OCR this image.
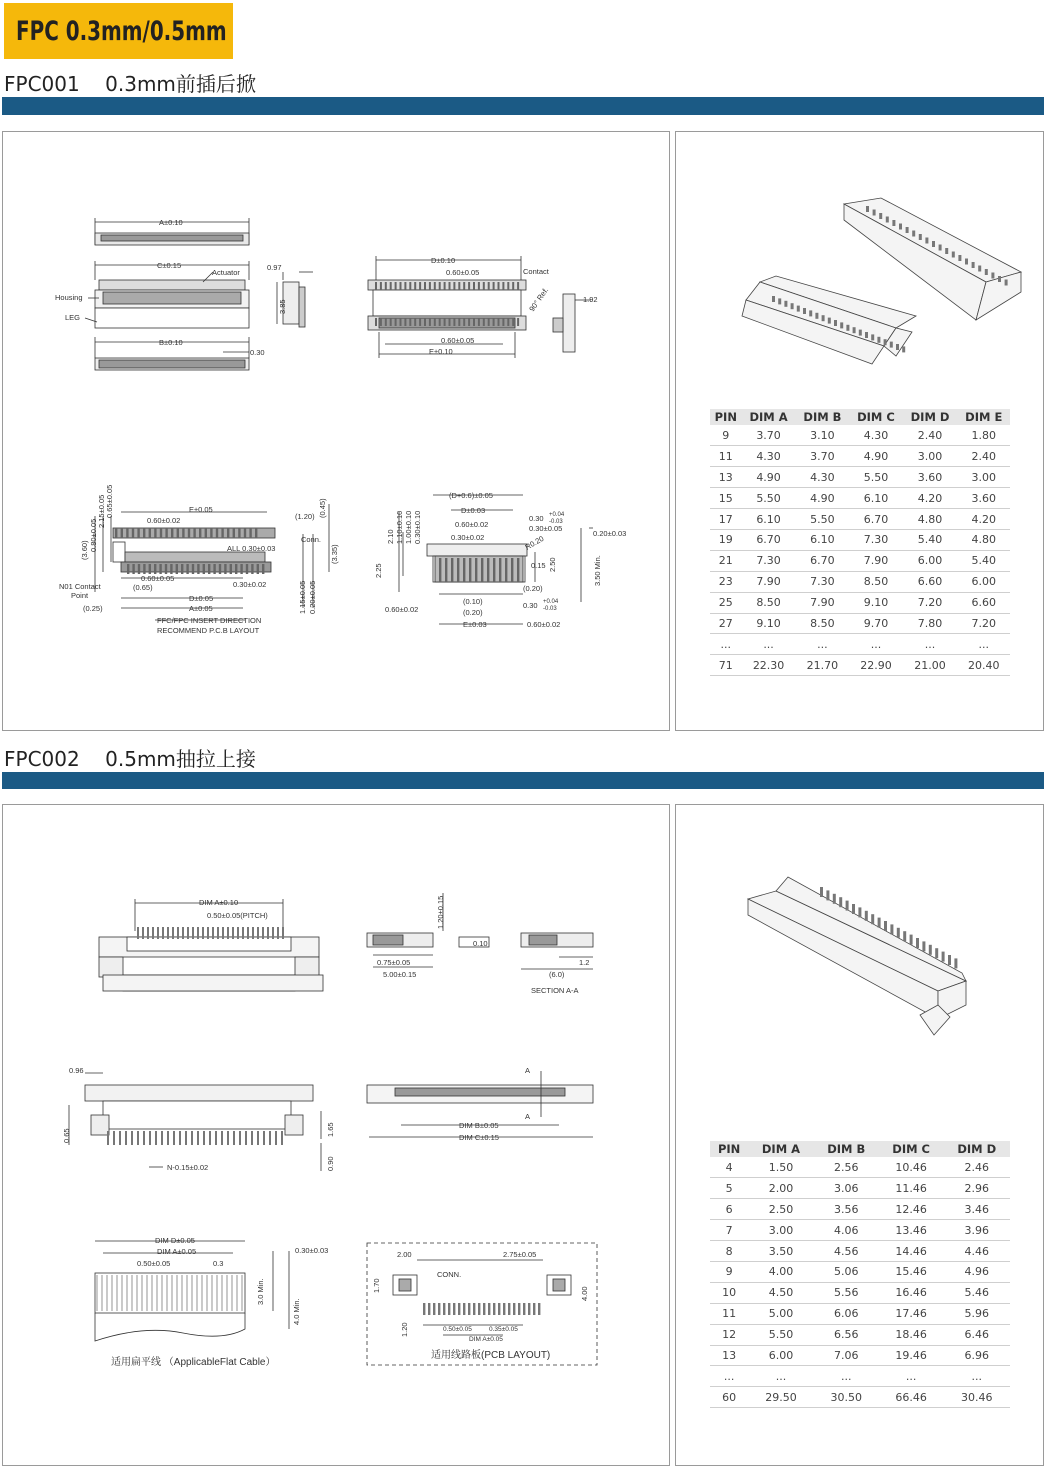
FPC 0.3mm/0.5mm
FPC001    0.3mm前插后掀
A±0.10
C±0.15
Actuator
Housing
LEG
B±0.10
0.30
0.97
3.85
D±0.10
0.60±0.05	Contact
1.92
90° Ref.
0.60±0.05
E±0.10
E±0.05
0.60±0.02	(1.20) (0.45)
Conn.
ALL 0.30±0.03	(3.35)
(3.60) 0.80±0.05
2.15±0.05 0.65±0.05
0.60±0.05
(0.65)
N01 Contact
Point	D±0.05
0.30±0.02
(0.25)	A±0.05
FFC/FPC INSERT DIRECTION
RECOMMEND P.C.B LAYOUT
1.15±0.05 0.20±0.05
(D+0.6)±0.05
D±0.03
0.60±0.02
0.30±0.02
2.10 1.10±0.10 1.00±0.10 0.30±0.10	0.30 +0.04
-0.03
0.30±0.05
R0.20
2.25	0.15 2.50
(0.20)
(0.10)
0.60±0.02	(0.20)
E±0.03
0.30 +0.04
-0.03
0.60±0.02
0.20±0.03
3.50 Min.
PIN	DIM A	DIM B	DIM C	DIM D	DIM E
9	3.70	3.10	4.30	2.40	1.80
11	4.30	3.70	4.90	3.00	2.40
13	4.90	4.30	5.50	3.60	3.00
15	5.50	4.90	6.10	4.20	3.60
17	6.10	5.50	6.70	4.80	4.20
19	6.70	6.10	7.30	5.40	4.80
21	7.30	6.70	7.90	6.00	5.40
23	7.90	7.30	8.50	6.60	6.00
25	8.50	7.90	9.10	7.20	6.60
27	9.10	8.50	9.70	7.80	7.20
...	...	...	...	...	...
71	22.30	21.70	22.90	21.00	20.40
FPC002    0.5mm抽拉上接
DIM A±0.10
0.50±0.05(PITCH)	1.20±0.15
0.10
0.75±0.05
5.00±0.15
1.2
(6.0)
SECTION A-A
0.96
0.65	1.65
0.90
N-0.15±0.02
A
A
DIM B±0.05
DIM C±0.15
DIM D±0.05
DIM A±0.05
0.50±0.05	0.3
0.30±0.03
3.0 Min.
4.0 Min.
适用扁平线 （ApplicableFlat Cable）
2.00	2.75±0.05
CONN.
1.70
4.00
1.20	0.50±0.05	0.35±0.05
DIM A±0.05
适用线路板(PCB LAYOUT)
PIN	DIM A	DIM B	DIM C	DIM D
4	1.50	2.56	10.46	2.46
5	2.00	3.06	11.46	2.96
6	2.50	3.56	12.46	3.46
7	3.00	4.06	13.46	3.96
8	3.50	4.56	14.46	4.46
9	4.00	5.06	15.46	4.96
10	4.50	5.56	16.46	5.46
11	5.00	6.06	17.46	5.96
12	5.50	6.56	18.46	6.46
13	6.00	7.06	19.46	6.96
...	...	...	...	...
60	29.50	30.50	66.46	30.46
